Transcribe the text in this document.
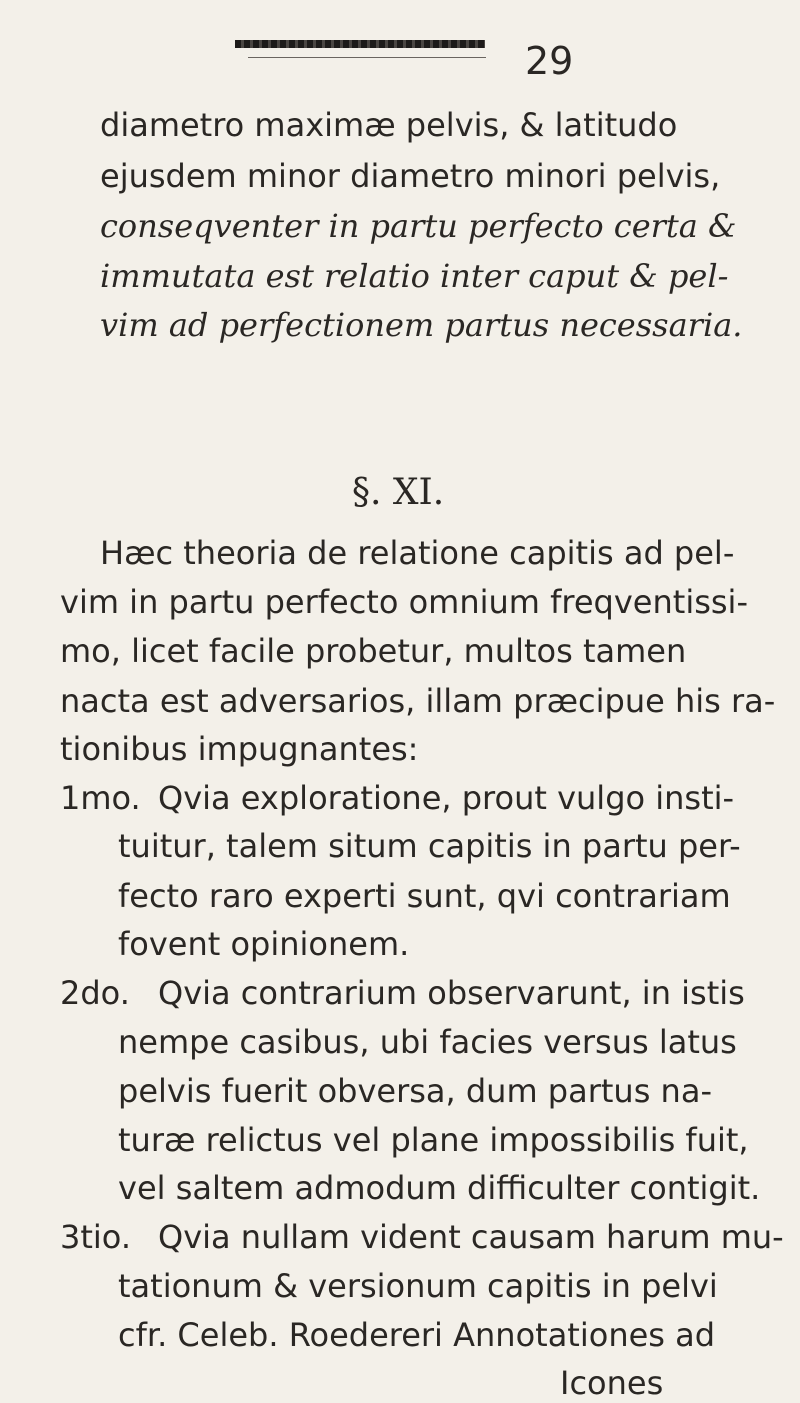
29
diametro maximæ pelvis, & latitudo
ejusdem minor diametro minori pelvis,
conseqventer in partu perfecto certa &
immutata est relatio inter caput & pel-
vim ad perfectionem partus necessaria.
§. XI.
Hæc theoria de relatione capitis ad pel-
vim in partu perfecto omnium freqventissi-
mo, licet facile probetur, multos tamen
nacta est adversarios, illam præcipue his ra-
tionibus impugnantes:
1mo. Qvia exploratione, prout vulgo insti-
tuitur, talem situm capitis in partu per-
fecto raro experti sunt, qvi contrariam
fovent opinionem.
2do. Qvia contrarium observarunt, in istis
nempe casibus, ubi facies versus latus
pelvis fuerit obversa, dum partus na-
turæ relictus vel plane impossibilis fuit,
vel saltem admodum difficulter contigit.
3tio. Qvia nullam vident causam harum mu-
tationum & versionum capitis in pelvi
cfr. Celeb. Roedereri Annotationes ad
Icones
